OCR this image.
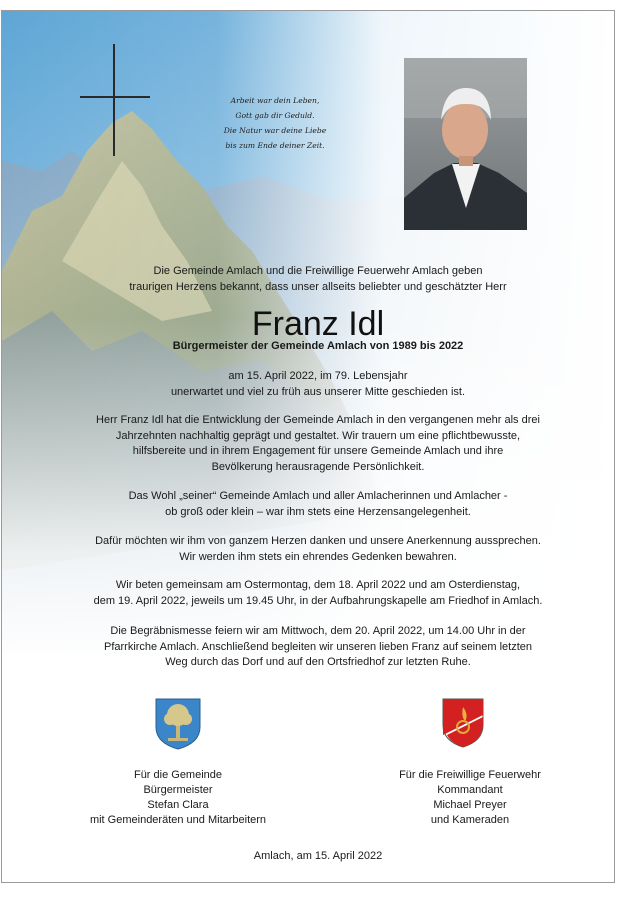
Arbeit war dein Leben,
Gott gab dir Geduld.
Die Natur war deine Liebe
bis zum Ende deiner Zeit.
Die Gemeinde Amlach und die Freiwillige Feuerwehr Amlach geben
traurigen Herzens bekannt, dass unser allseits beliebter und geschätzter Herr
Franz Idl
Bürgermeister der Gemeinde Amlach von 1989 bis 2022
am 15. April 2022, im 79. Lebensjahr
unerwartet und viel zu früh aus unserer Mitte geschieden ist.
Herr Franz Idl hat die Entwicklung der Gemeinde Amlach in den vergangenen mehr als drei
Jahrzehnten nachhaltig geprägt und gestaltet. Wir trauern um eine pflichtbewusste,
hilfsbereite und in ihrem Engagement für unsere Gemeinde Amlach und ihre
Bevölkerung herausragende Persönlichkeit.
Das Wohl „seiner“ Gemeinde Amlach und aller Amlacherinnen und Amlacher -
ob groß oder klein – war ihm stets eine Herzensangelegenheit.
Dafür möchten wir ihm von ganzem Herzen danken und unsere Anerkennung aussprechen.
Wir werden ihm stets ein ehrendes Gedenken bewahren.
Wir beten gemeinsam am Ostermontag, dem 18. April 2022 und am Osterdienstag,
dem 19. April 2022, jeweils um 19.45 Uhr, in der Aufbahrungskapelle am Friedhof in Amlach.
Die Begräbnismesse feiern wir am Mittwoch, dem 20. April 2022, um 14.00 Uhr in der
Pfarrkirche Amlach. Anschließend begleiten wir unseren lieben Franz auf seinem letzten
Weg durch das Dorf und auf den Ortsfriedhof zur letzten Ruhe.
Für die Gemeinde
Bürgermeister
Stefan Clara
mit Gemeinderäten und Mitarbeitern
Für die Freiwillige Feuerwehr
Kommandant
Michael Preyer
und Kameraden
Amlach, am 15. April 2022
